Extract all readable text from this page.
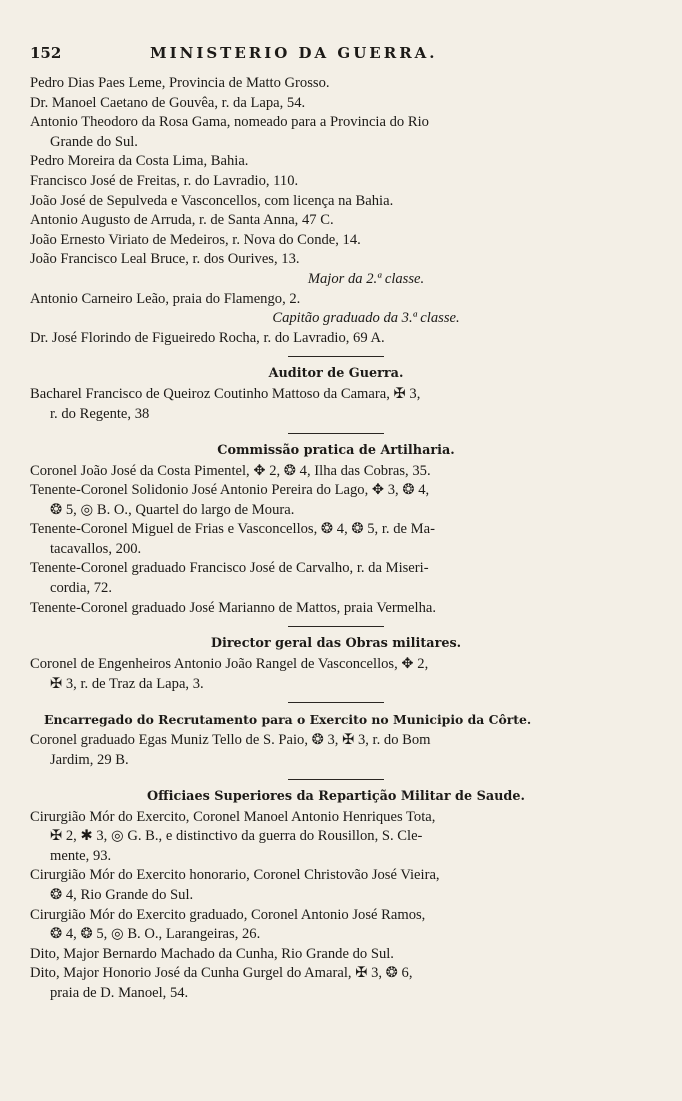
152	MINISTERIO DA GUERRA.
Pedro Dias Paes Leme, Provincia de Matto Grosso.
Dr. Manoel Caetano de Gouvêa, r. da Lapa, 54.
Antonio Theodoro da Rosa Gama, nomeado para a Provincia do Rio
Grande do Sul.
Pedro Moreira da Costa Lima, Bahia.
Francisco José de Freitas, r. do Lavradio, 110.
João José de Sepulveda e Vasconcellos, com licença na Bahia.
Antonio Augusto de Arruda, r. de Santa Anna, 47 C.
João Ernesto Viriato de Medeiros, r. Nova do Conde, 14.
João Francisco Leal Bruce, r. dos Ourives, 13.
Major da 2.ª classe.
Antonio Carneiro Leão, praia do Flamengo, 2.
Capitão graduado da 3.ª classe.
Dr. José Florindo de Figueiredo Rocha, r. do Lavradio, 69 A.
Auditor de Guerra.
Bacharel Francisco de Queiroz Coutinho Mattoso da Camara, ✠ 3,
r. do Regente, 38
Commissão pratica de Artilharia.
Coronel João José da Costa Pimentel, ✥ 2, ❂ 4, Ilha das Cobras, 35.
Tenente-Coronel Solidonio José Antonio Pereira do Lago, ✥ 3, ❂ 4,
❂ 5, ◎ B. O., Quartel do largo de Moura.
Tenente-Coronel Miguel de Frias e Vasconcellos, ❂ 4, ❂ 5, r. de Ma-
tacavallos, 200.
Tenente-Coronel graduado Francisco José de Carvalho, r. da Miseri-
cordia, 72.
Tenente-Coronel graduado José Marianno de Mattos, praia Vermelha.
Director geral das Obras militares.
Coronel de Engenheiros Antonio João Rangel de Vasconcellos, ✥ 2,
✠ 3, r. de Traz da Lapa, 3.
Encarregado do Recrutamento para o Exercito no Municipio da Côrte.
Coronel graduado Egas Muniz Tello de S. Paio, ❂ 3, ✠ 3, r. do Bom
Jardim, 29 B.
Officiaes Superiores da Repartição Militar de Saude.
Cirurgião Mór do Exercito, Coronel Manoel Antonio Henriques Tota,
✠ 2, ✱ 3, ◎ G. B., e distinctivo da guerra do Rousillon, S. Cle-
mente, 93.
Cirurgião Mór do Exercito honorario, Coronel Christovão José Vieira,
❂ 4, Rio Grande do Sul.
Cirurgião Mór do Exercito graduado, Coronel Antonio José Ramos,
❂ 4, ❂ 5, ◎ B. O., Larangeiras, 26.
Dito, Major Bernardo Machado da Cunha, Rio Grande do Sul.
Dito, Major Honorio José da Cunha Gurgel do Amaral, ✠ 3, ❂ 6,
praia de D. Manoel, 54.
